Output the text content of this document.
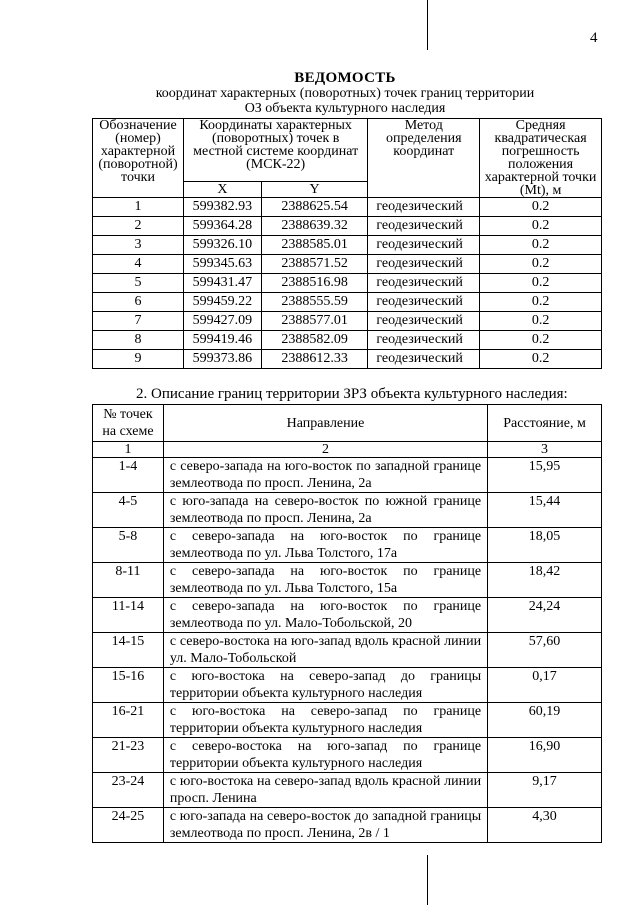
4
ВЕДОМОСТЬ
координат характерных (поворотных) точек границ территории
ОЗ объекта культурного наследия
Обозначение (номер) характерной (поворотной) точки	Координаты характерных (поворотных) точек в местной системе координат (МСК-22)		Метод определения координат	Средняя квадратическая погрешность положения характерной точки (Mt), м
	X	Y		
1	599382.93	2388625.54	геодезический	0.2
2	599364.28	2388639.32	геодезический	0.2
3	599326.10	2388585.01	геодезический	0.2
4	599345.63	2388571.52	геодезический	0.2
5	599431.47	2388516.98	геодезический	0.2
6	599459.22	2388555.59	геодезический	0.2
7	599427.09	2388577.01	геодезический	0.2
8	599419.46	2388582.09	геодезический	0.2
9	599373.86	2388612.33	геодезический	0.2
2. Описание границ территории ЗРЗ объекта культурного наследия:
№ точек на схеме	Направление	Расстояние, м
1	2	3
1-4	с северо-запада на юго-восток по западной границе землеотвода по просп. Ленина, 2а	15,95
4-5	с юго-запада на северо-восток по южной границе землеотвода по просп. Ленина, 2а	15,44
5-8	с северо-запада на юго-восток по границе землеотвода по ул. Льва Толстого, 17а	18,05
8-11	с северо-запада на юго-восток по границе землеотвода по ул. Льва Толстого, 15а	18,42
11-14	с северо-запада на юго-восток по границе землеотвода по ул. Мало-Тобольской, 20	24,24
14-15	с северо-востока на юго-запад вдоль красной линии ул. Мало-Тобольской	57,60
15-16	с юго-востока на северо-запад до границы территории объекта культурного наследия	0,17
16-21	с юго-востока на северо-запад по границе территории объекта культурного наследия	60,19
21-23	с северо-востока на юго-запад по границе территории объекта культурного наследия	16,90
23-24	с юго-востока на северо-запад вдоль красной линии просп. Ленина	9,17
24-25	с юго-запада на северо-восток до западной границы землеотвода по просп. Ленина, 2в / 1	4,30
